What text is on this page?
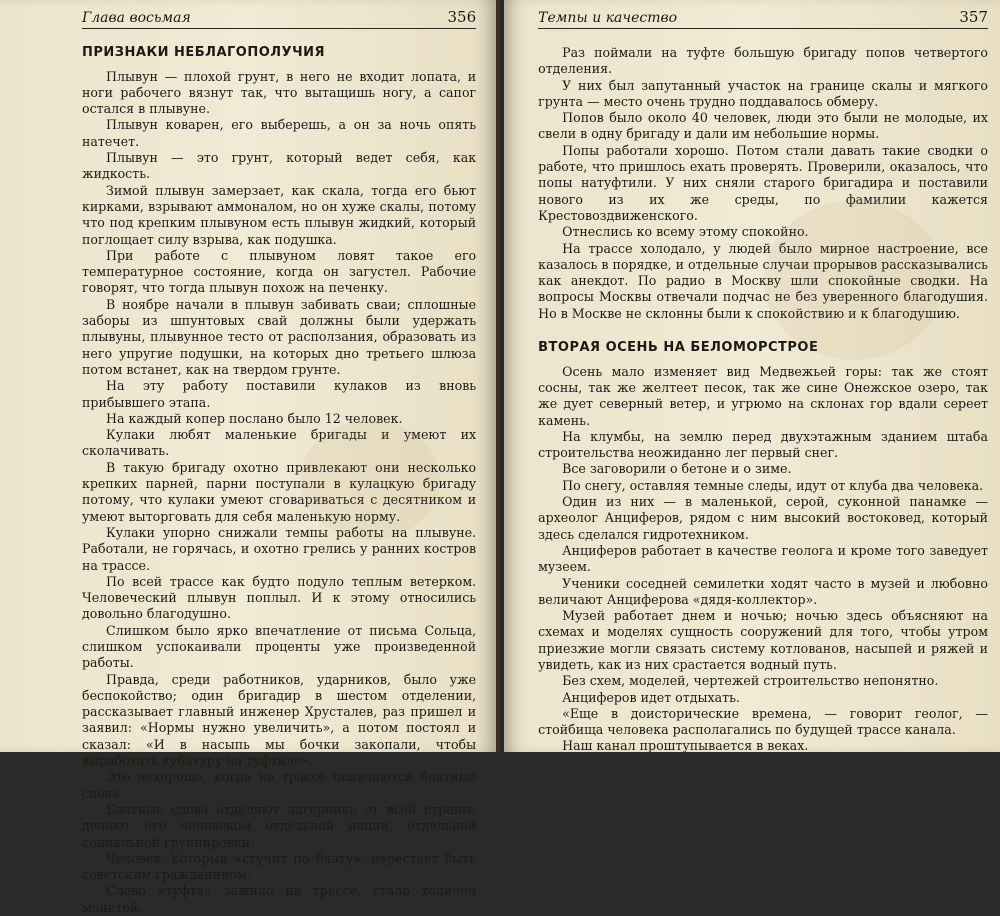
Глава восьмая	356
ПРИЗНАКИ НЕБЛАГОПОЛУЧИЯ

Плывун — плохой грунт, в него не входит лопата, и ноги рабочего вязнут так, что вытащишь ногу, а сапог остался в плывуне.

Плывун коварен, его выберешь, а он за ночь опять натечет.

Плывун — это грунт, который ведет себя, как жидкость.

Зимой плывун замерзает, как скала, тогда его бьют кирками, взрывают аммоналом, но он хуже скалы, потому что под крепким плывуном есть плывун жидкий, который поглощает силу взрыва, как подушка.

При работе с плывуном ловят такое его температурное состояние, когда он загустел. Рабочие говорят, что тогда плывун похож на печенку.

В ноябре начали в плывун забивать сваи; сплошные заборы из шпунтовых свай должны были удержать плывуны, плывунное тесто от расползания, образовать из него упругие подушки, на которых дно третьего шлюза потом встанет, как на твердом грунте.

На эту работу поставили кулаков из вновь прибывшего этапа.

На каждый копер послано было 12 человек.

Кулаки любят маленькие бригады и умеют их сколачивать.

В такую бригаду охотно привлекают они несколько крепких парней, парни поступали в кулацкую бригаду потому, что кулаки умеют сговариваться с десятником и умеют выторговать для себя маленькую норму.

Кулаки упорно снижали темпы работы на плывуне. Работали, не горячась, и охотно грелись у ранних костров на трассе.

По всей трассе как будто подуло теплым ветерком. Человеческий плывун поплыл. И к этому относились довольно благодушно.

Слишком было ярко впечатление от письма Сольца, слишком успокаивали проценты уже произведенной работы.

Правда, среди работников, ударников, было уже беспокойство; один бригадир в шестом отделении, рассказывает главный инженер Хрусталев, раз пришел и заявил: «Нормы нужно увеличить», а потом постоял и сказал: «И в насыпь мы бочки закопали, чтобы выработать кубатуру на туфтиле».

Это нехорошо, когда на трассе появляются блатные слова.

Блатные слова отделяют лагерника от всей страны, делают его человеком отдельной нации, отдельной социальной группировки.

Человек, который «стучит по блату», перестает быть советским гражданином.

Слово «туфта» зажило на трассе, стало ходячей монетой.

Темпы и качество	357

Раз поймали на туфте большую бригаду попов четвертого отделения.

У них был запутанный участок на границе скалы и мягкого грунта — место очень трудно поддавалось обмеру.

Попов было около 40 человек, люди это были не молодые, их свели в одну бригаду и дали им небольшие нормы.

Попы работали хорошо. Потом стали давать такие сводки о работе, что пришлось ехать проверять. Проверили, оказалось, что попы натуфтили. У них сняли старого бригадира и поставили нового из их же среды, по фамилии кажется Крестовоздвиженского.

Отнеслись ко всему этому спокойно.

На трассе холодало, у людей было мирное настроение, все казалось в порядке, и отдельные случаи прорывов рассказывались как анекдот. По радио в Москву шли спокойные сводки. На вопросы Москвы отвечали подчас не без уверенного благодушия. Но в Москве не склонны были к спокойствию и к благодушию.

ВТОРАЯ ОСЕНЬ НА БЕЛОМОРСТРОЕ

Осень мало изменяет вид Медвежьей горы: так же стоят сосны, так же желтеет песок, так же сине Онежское озеро, так же дует северный ветер, и угрюмо на склонах гор вдали сереет камень.

На клумбы, на землю перед двухэтажным зданием штаба строительства неожиданно лег первый снег.

Все заговорили о бетоне и о зиме.

По снегу, оставляя темные следы, идут от клуба два человека.

Один из них — в маленькой, серой, суконной панамке — археолог Анциферов, рядом с ним высокий востоковед, который здесь сделался гидротехником.

Анциферов работает в качестве геолога и кроме того заведует музеем.

Ученики соседней семилетки ходят часто в музей и любовно величают Анциферова «дядя-коллектор».

Музей работает днем и ночью; ночью здесь объясняют на схемах и моделях сущность сооружений для того, чтобы утром приезжие могли связать систему котлованов, насыпей и ряжей и увидеть, как из них срастается водный путь.

Без схем, моделей, чертежей строительство непонятно.

Анциферов идет отдыхать.

«Еще в доисторические времена, — говорит геолог, — стойбища человека располагались по будущей трассе канала.

Наш канал проштупывается в веках.
